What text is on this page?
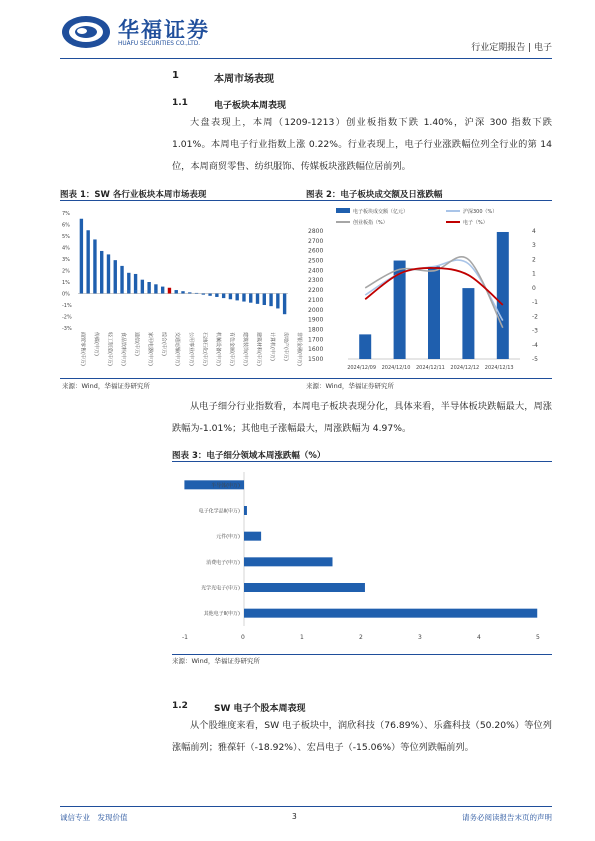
华福证券
HUAFU SECURITIES CO.,LTD.	行业定期报告 | 电子
1	本周市场表现
1.1	电子板块本周表现
大盘表现上，本周（1209-1213）创业板指数下跌 1.40%，沪深 300 指数下跌 1.01%。本周电子行业指数上涨 0.22%。行业表现上，电子行业涨跌幅位列全行业的第 14 位，本周商贸零售、纺织服饰、传媒板块涨跌幅位居前列。
图表 1：SW 各行业板块本周市场表现	图表 2：电子板块成交额及日涨跌幅
7%
6%
5%
4%
3%
2%
1%
0%
-1%
-2%
-3%
商贸零售(申万) 传媒(申万) 轻工制造(申万) 食品饮料(申万) 通信(申万) 家用电器(申万) 综合(申万) 交通运输(申万) 公用事业(申万) 石油石化(申万) 机械设备(申万) 有色金属(申万) 建筑装饰(申万) 建筑材料(申万) 计算机(申万) 房地产(申万) 非银金融(申万)
来源：Wind，华福证券研究所
电子板块成交额（亿元）	沪深300（%）
创业板指（%）	电子（%）
2800
2700
2600
2500
2400
2300
2200
2100
2000
1900
1800
1700
1600
1500
4
3
2
1
0
-1
-2
-3
-4
-5
2024/12/09 2024/12/10 2024/12/11 2024/12/12 2024/12/13
来源：Wind，华福证券研究所
从电子细分行业指数看，本周电子板块表现分化，具体来看，半导体板块跌幅最大，周涨跌幅为-1.01%；其他电子涨幅最大，周涨跌幅为 4.97%。
图表 3：电子细分领域本周涨跌幅（%）
-1	0	1	2	3	4	5
半导体(申万)
电子化学品Ⅱ(申万)
元件(申万)
消费电子(申万)
光学光电子(申万)
其他电子Ⅱ(申万)
来源：Wind，华福证券研究所
1.2	SW 电子个股本周表现
从个股维度来看，SW 电子板块中，润欣科技（76.89%）、乐鑫科技（50.20%）等位列涨幅前列；雅葆轩（-18.92%）、宏昌电子（-15.06%）等位列跌幅前列。
诚信专业　发现价值	3	请务必阅读报告末页的声明
